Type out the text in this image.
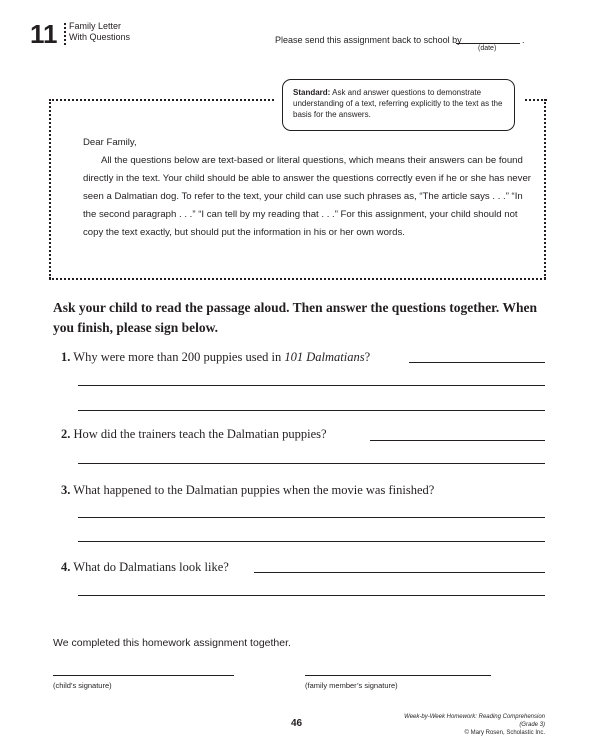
11 Family Letter
With Questions	Please send this assignment back to school by	.
(date)
Standard: Ask and answer questions to demonstrate understanding of a text, referring explicitly to the text as the basis for the answers.
Dear Family,
All the questions below are text-based or literal questions, which means their answers can be found directly in the text. Your child should be able to answer the questions correctly even if he or she has never seen a Dalmatian dog. To refer to the text, your child can use such phrases as, “The article says . . .” “In the second paragraph . . .” “I can tell by my reading that . . .” For this assignment, your child should not copy the text exactly, but should put the information in his or her own words.
Ask your child to read the passage aloud. Then answer the questions together. When you finish, please sign below.
1. Why were more than 200 puppies used in 101 Dalmatians?
2. How did the trainers teach the Dalmatian puppies?
3. What happened to the Dalmatian puppies when the movie was finished?
4. What do Dalmatians look like?
We completed this homework assignment together.
(child’s signature)	(family member’s signature)
46
Week-by-Week Homework: Reading Comprehension (Grade 3)
© Mary Rosen, Scholastic Inc.
